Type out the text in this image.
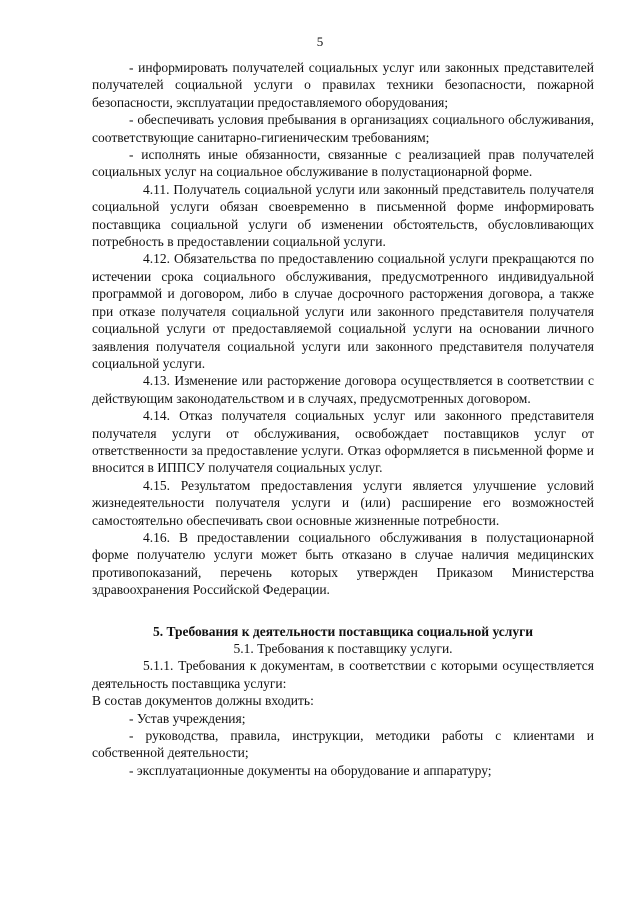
5

- информировать получателей социальных услуг или законных представителей получателей социальной услуги о правилах техники безопасности, пожарной безопасности, эксплуатации предоставляемого оборудования;

- обеспечивать условия пребывания в организациях социального обслуживания, соответствующие санитарно-гигиеническим требованиям;

- исполнять иные обязанности, связанные с реализацией прав получателей социальных услуг на социальное обслуживание в полустационарной форме.

4.11. Получатель социальной услуги или законный представитель получателя социальной услуги обязан своевременно в письменной форме информировать поставщика социальной услуги об изменении обстоятельств, обусловливающих потребность в предоставлении социальной услуги.

4.12. Обязательства по предоставлению социальной услуги прекращаются по истечении срока социального обслуживания, предусмотренного индивидуальной программой и договором, либо в случае досрочного расторжения договора, а также при отказе получателя социальной услуги или законного представителя получателя социальной услуги от предоставляемой социальной услуги на основании личного заявления получателя социальной услуги или законного представителя получателя социальной услуги.

4.13. Изменение или расторжение договора осуществляется в соответствии с действующим законодательством и в случаях, предусмотренных договором.

4.14. Отказ получателя социальных услуг или законного представителя получателя услуги от обслуживания, освобождает поставщиков услуг от ответственности за предоставление услуги. Отказ оформляется в письменной форме и вносится в ИППСУ получателя социальных услуг.

4.15. Результатом предоставления услуги является улучшение условий жизнедеятельности получателя услуги и (или) расширение его возможностей самостоятельно обеспечивать свои основные жизненные потребности.

4.16. В предоставлении социального обслуживания в полустационарной форме получателю услуги может быть отказано в случае наличия медицинских противопоказаний, перечень которых утвержден Приказом Министерства здравоохранения Российской Федерации.

5. Требования к деятельности поставщика социальной услуги

5.1. Требования к поставщику услуги.

5.1.1. Требования к документам, в соответствии с которыми осуществляется деятельность поставщика услуги:

В состав документов должны входить:

- Устав учреждения;

- руководства, правила, инструкции, методики работы с клиентами и собственной деятельности;

- эксплуатационные документы на оборудование и аппаратуру;
